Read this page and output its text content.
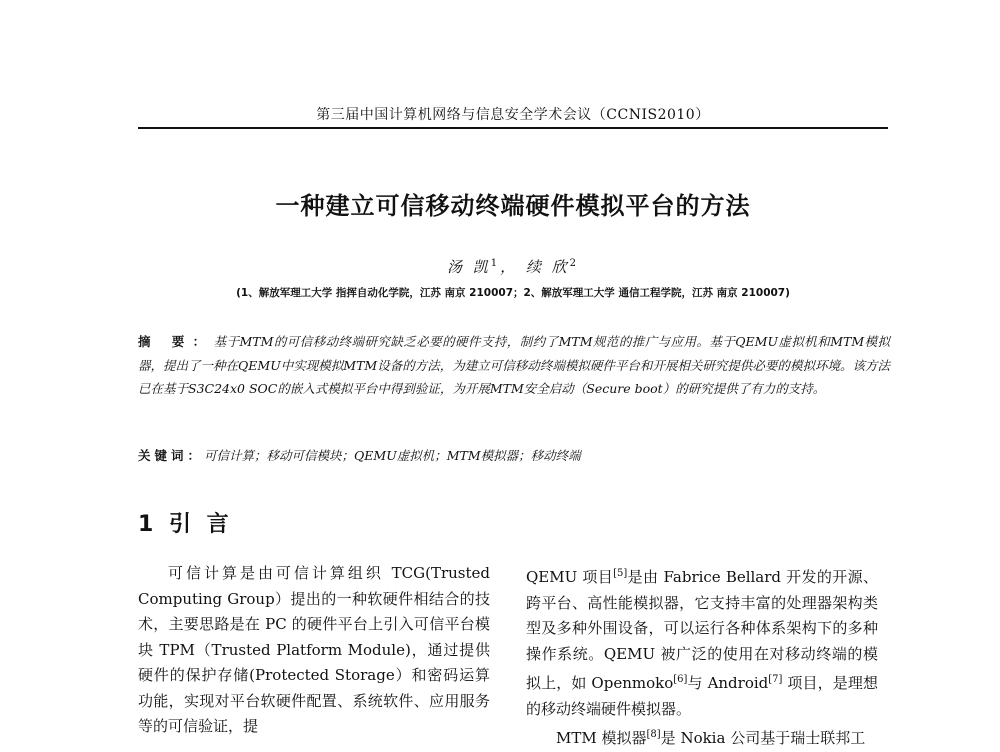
第三届中国计算机网络与信息安全学术会议（CCNIS2010）
一种建立可信移动终端硬件模拟平台的方法
汤 凯$^1$， 续 欣$^2$
(1、解放军理工大学 指挥自动化学院，江苏 南京 210007；2、解放军理工大学 通信工程学院，江苏 南京 210007)
摘 要：基于MTM的可信移动终端研究缺乏必要的硬件支持，制约了MTM规范的推广与应用。基于QEMU虚拟机和MTM模拟器，提出了一种在QEMU中实现模拟MTM设备的方法，为建立可信移动终端模拟硬件平台和开展相关研究提供必要的模拟环境。该方法已在基于S3C24x0 SOC的嵌入式模拟平台中得到验证，为开展MTM安全启动（Secure boot）的研究提供了有力的支持。
关键词：可信计算；移动可信模块；QEMU虚拟机；MTM模拟器；移动终端
1 引 言

可信计算是由可信计算组织 TCG(Trusted Computing Group）提出的一种软硬件相结合的技术，主要思路是在 PC 的硬件平台上引入可信平台模块 TPM（Trusted Platform Module)，通过提供硬件的保护存储(Protected Storage）和密码运算功能，实现对平台软硬件配置、系统软件、应用服务等的可信验证，提

QEMU 项目[5]是由 Fabrice Bellard 开发的开源、跨平台、高性能模拟器，它支持丰富的处理器架构类型及多种外围设备，可以运行各种体系架构下的多种操作系统。QEMU 被广泛的使用在对移动终端的模拟上，如 Openmoko[6]与 Android[7] 项目，是理想的移动终端硬件模拟器。

MTM 模拟器[8]是 Nokia 公司基于瑞士联邦工
